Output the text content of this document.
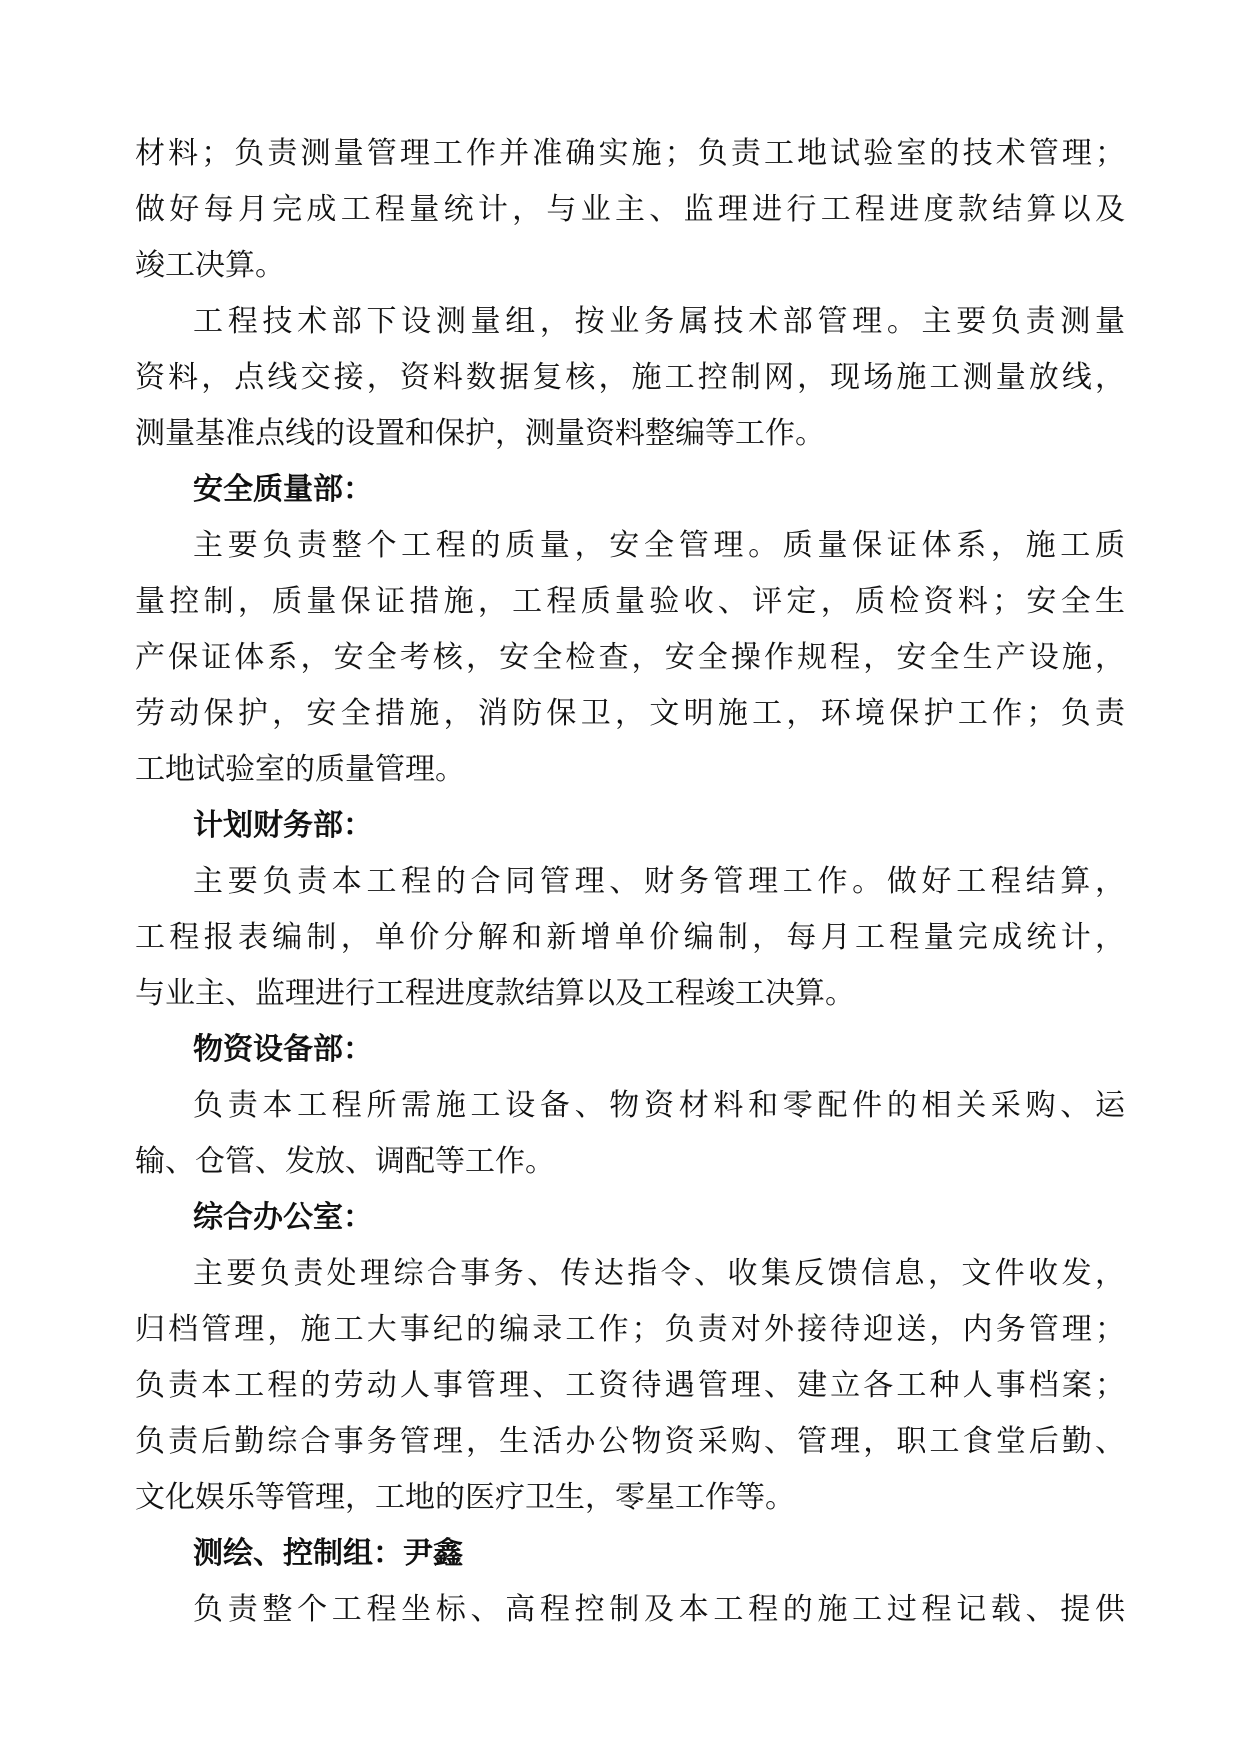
材料；负责测量管理工作并准确实施；负责工地试验室的技术管理；
做好每月完成工程量统计，与业主、监理进行工程进度款结算以及
竣工决算。
工程技术部下设测量组，按业务属技术部管理。主要负责测量
资料，点线交接，资料数据复核，施工控制网，现场施工测量放线，
测量基准点线的设置和保护，测量资料整编等工作。
安全质量部：
主要负责整个工程的质量，安全管理。质量保证体系，施工质
量控制，质量保证措施，工程质量验收、评定，质检资料；安全生
产保证体系，安全考核，安全检查，安全操作规程，安全生产设施，
劳动保护，安全措施，消防保卫，文明施工，环境保护工作；负责
工地试验室的质量管理。
计划财务部：
主要负责本工程的合同管理、财务管理工作。做好工程结算，
工程报表编制，单价分解和新增单价编制，每月工程量完成统计，
与业主、监理进行工程进度款结算以及工程竣工决算。
物资设备部：
负责本工程所需施工设备、物资材料和零配件的相关采购、运
输、仓管、发放、调配等工作。
综合办公室：
主要负责处理综合事务、传达指令、收集反馈信息，文件收发，
归档管理，施工大事纪的编录工作；负责对外接待迎送，内务管理；
负责本工程的劳动人事管理、工资待遇管理、建立各工种人事档案；
负责后勤综合事务管理，生活办公物资采购、管理，职工食堂后勤、
文化娱乐等管理，工地的医疗卫生，零星工作等。
测绘、控制组：尹鑫
负责整个工程坐标、高程控制及本工程的施工过程记载、提供
